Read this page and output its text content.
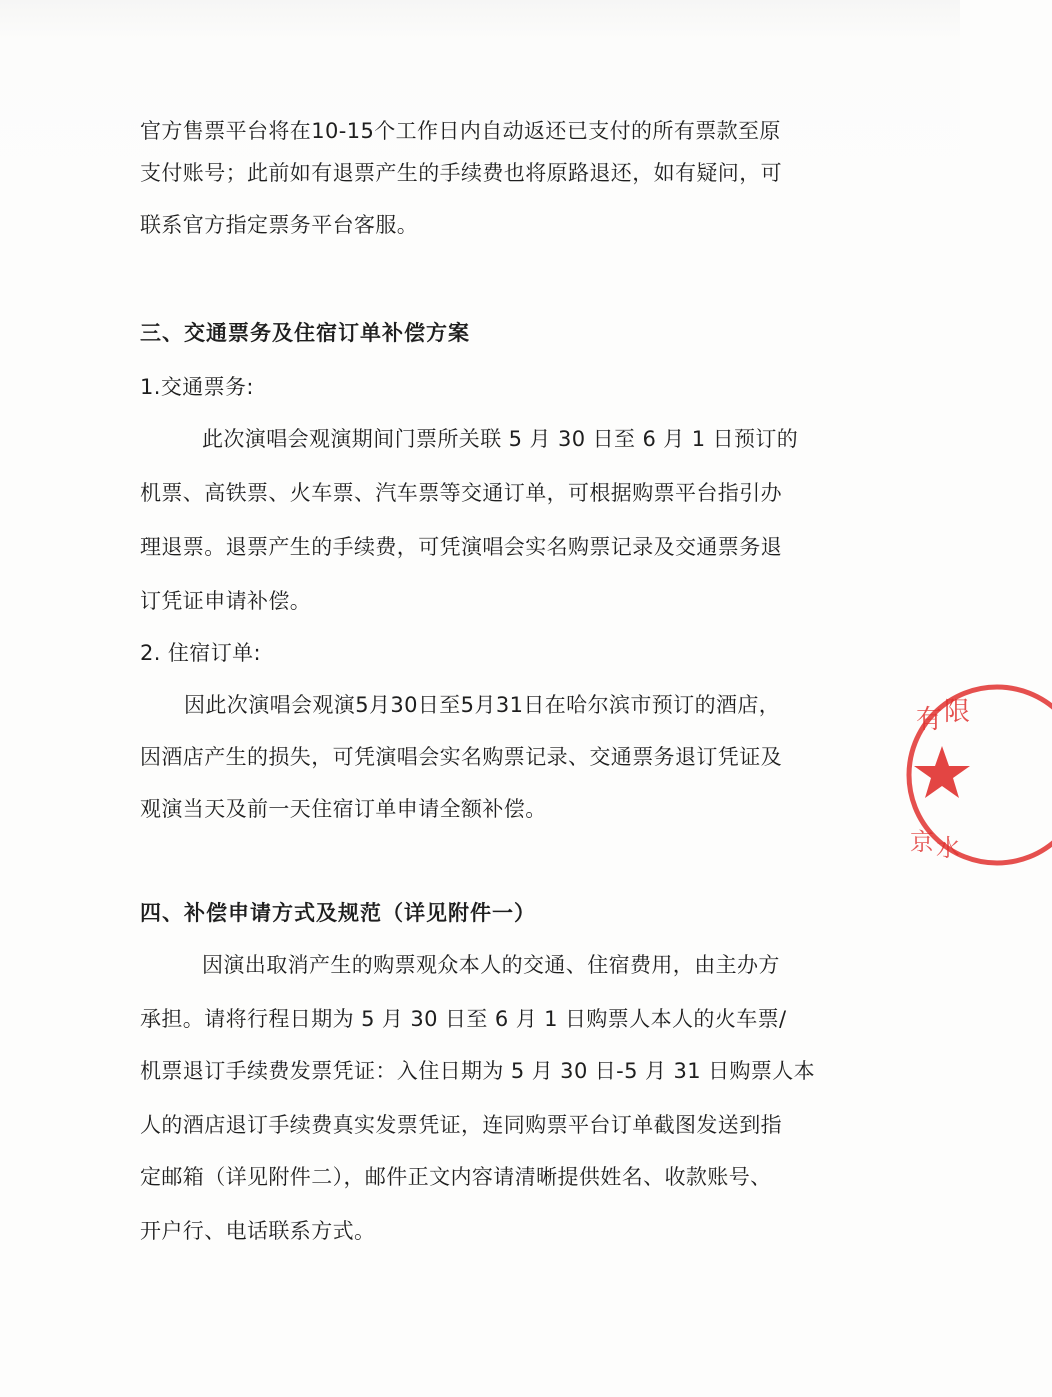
官方售票平台将在10-15个工作日内自动返还已支付的所有票款至原
支付账号；此前如有退票产生的手续费也将原路退还，如有疑问，可
联系官方指定票务平台客服。
三、交通票务及住宿订单补偿方案
1.交通票务:
此次演唱会观演期间门票所关联 5 月 30 日至 6 月 1 日预订的
机票、高铁票、火车票、汽车票等交通订单，可根据购票平台指引办
理退票。退票产生的手续费，可凭演唱会实名购票记录及交通票务退
订凭证申请补偿。
2. 住宿订单:
因此次演唱会观演5月30日至5月31日在哈尔滨市预订的酒店，
因酒店产生的损失，可凭演唱会实名购票记录、交通票务退订凭证及
观演当天及前一天住宿订单申请全额补偿。
四、补偿申请方式及规范（详见附件一）
因演出取消产生的购票观众本人的交通、住宿费用，由主办方
承担。请将行程日期为 5 月 30 日至 6 月 1 日购票人本人的火车票/
机票退订手续费发票凭证：入住日期为 5 月 30 日-5 月 31 日购票人本
人的酒店退订手续费真实发票凭证，连同购票平台订单截图发送到指
定邮箱（详见附件二），邮件正文内容请清晰提供姓名、收款账号、
开户行、电话联系方式。
有 限
京 水
